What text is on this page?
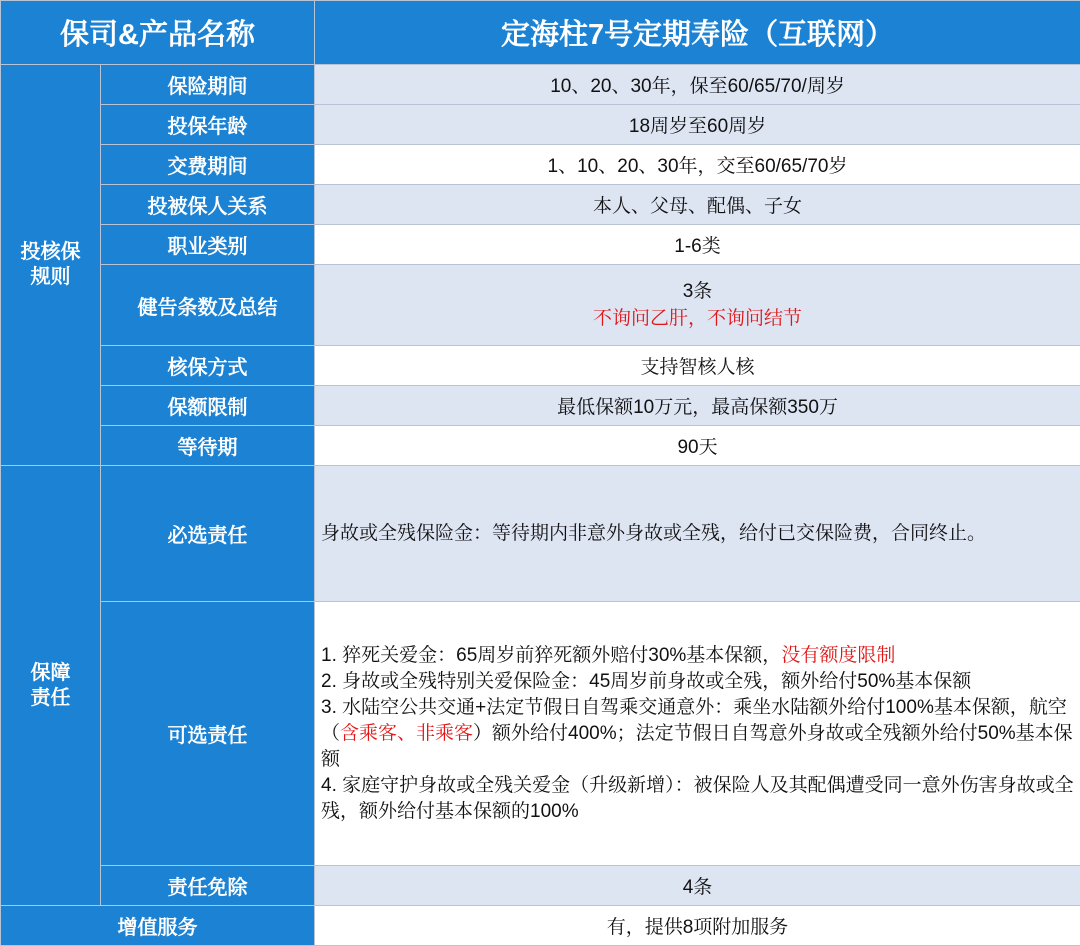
保司&产品名称		定海柱7号定期寿险（互联网）
投核保
规则	保险期间	10、20、30年，保至60/65/70/周岁
	投保年龄	18周岁至60周岁
	交费期间	1、10、20、30年，交至60/65/70岁
	投被保人关系	本人、父母、配偶、子女
	职业类别	1-6类
	健告条数及总结	3条
不询问乙肝，不询问结节

	核保方式	支持智核人核
	保额限制	最低保额10万元，最高保额350万
	等待期	90天
保障
责任	必选责任	身故或全残保险金：等待期内非意外身故或全残，给付已交保险费，合同终止。
	可选责任	1. 猝死关爱金：65周岁前猝死额外赔付30%基本保额，没有额度限制
2. 身故或全残特别关爱保险金：45周岁前身故或全残，额外给付50%基本保额
3. 水陆空公共交通+法定节假日自驾乘交通意外：乘坐水陆额外给付100%基本保额，航空（含乘客、非乘客）额外给付400%；法定节假日自驾意外身故或全残额外给付50%基本保额
4. 家庭守护身故或全残关爱金（升级新增）：被保险人及其配偶遭受同一意外伤害身故或全残，额外给付基本保额的100%

	责任免除	4条
增值服务		有，提供8项附加服务
